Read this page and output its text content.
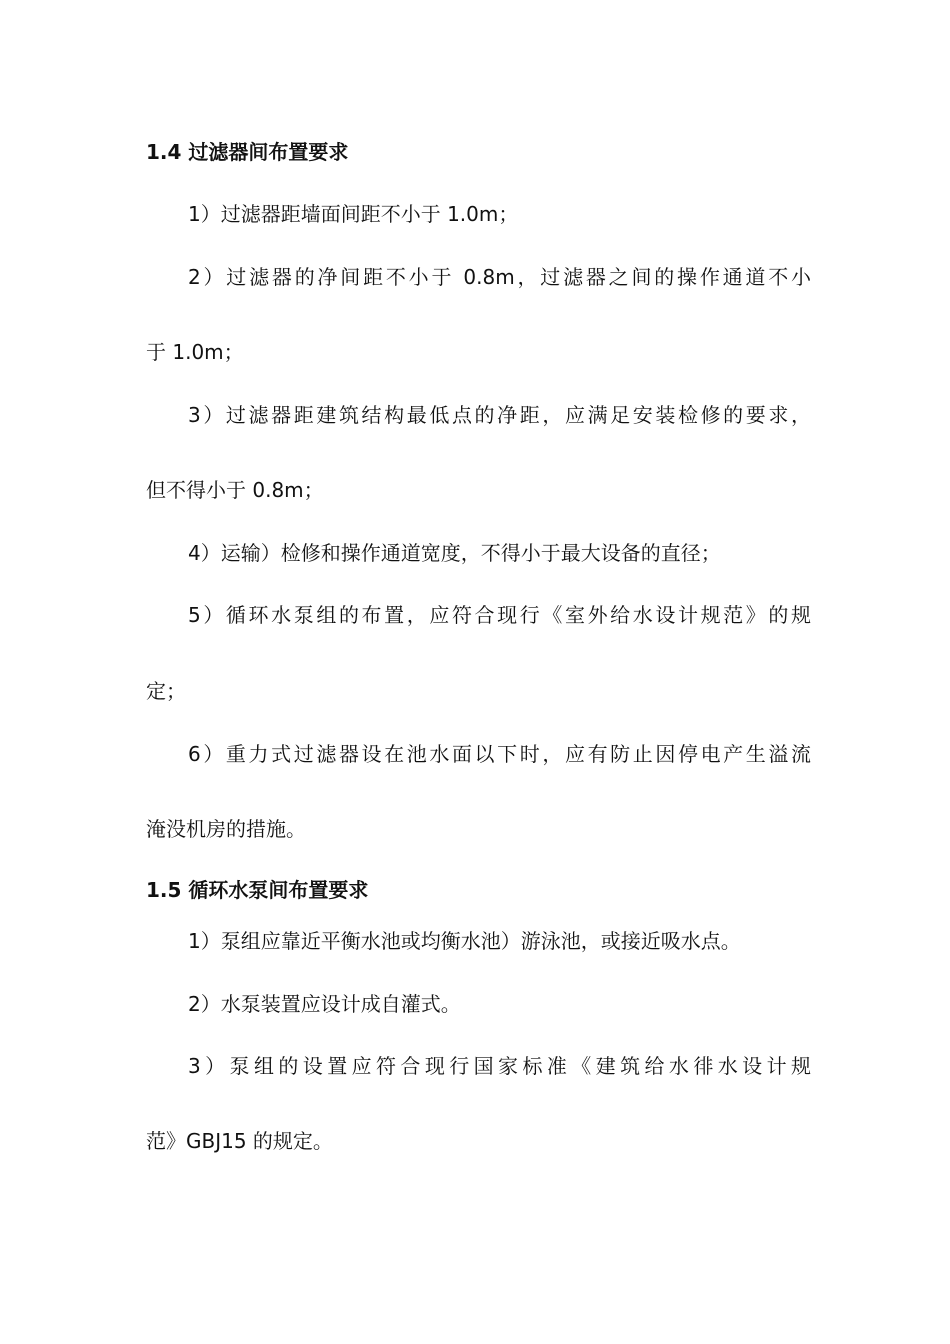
1.4 过滤器间布置要求
1）过滤器距墙面间距不小于 1.0m；
2）过滤器的净间距不小于 0.8m，过滤器之间的操作通道不小
于 1.0m；
3）过滤器距建筑结构最低点的净距，应满足安装检修的要求，
但不得小于 0.8m；
4）运输）检修和操作通道宽度，不得小于最大设备的直径；
5）循环水泵组的布置，应符合现行《室外给水设计规范》的规
定；
6）重力式过滤器设在池水面以下时，应有防止因停电产生溢流
淹没机房的措施。
1.5 循环水泵间布置要求
1）泵组应靠近平衡水池或均衡水池）游泳池，或接近吸水点。
2）水泵装置应设计成自灌式。
3）泵组的设置应符合现行国家标准《建筑给水徘水设计规
范》GBJ15 的规定。
